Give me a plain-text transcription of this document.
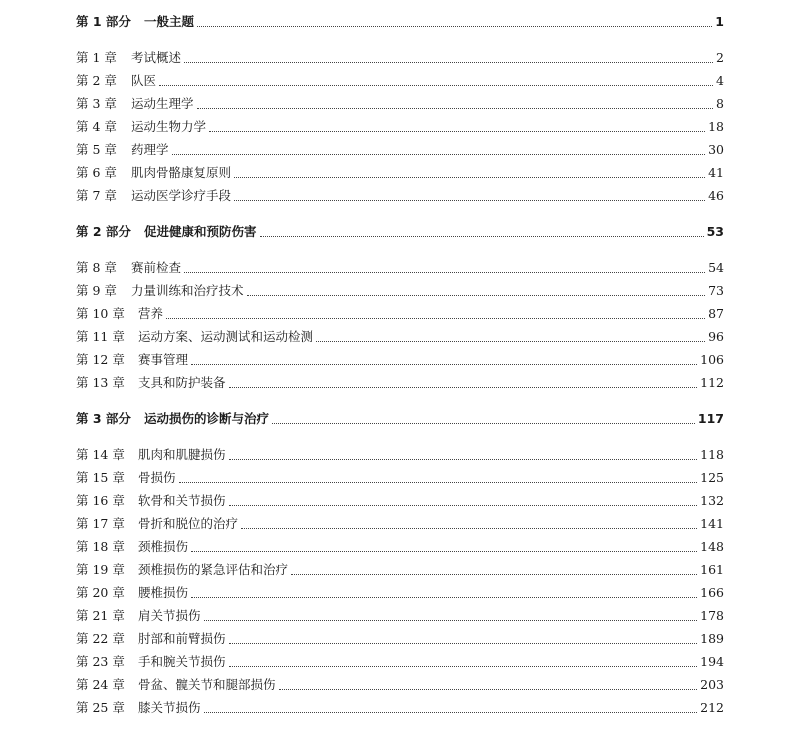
第 1 部分	一般主题	1
第 1 章	考试概述	2
第 2 章	队医	4
第 3 章	运动生理学	8
第 4 章	运动生物力学	18
第 5 章	药理学	30
第 6 章	肌肉骨骼康复原则	41
第 7 章	运动医学诊疗手段	46
第 2 部分	促进健康和预防伤害	53
第 8 章	赛前检查	54
第 9 章	力量训练和治疗技术	73
第 10 章	营养	87
第 11 章	运动方案、运动测试和运动检测	96
第 12 章	赛事管理	106
第 13 章	支具和防护装备	112
第 3 部分	运动损伤的诊断与治疗	117
第 14 章	肌肉和肌腱损伤	118
第 15 章	骨损伤	125
第 16 章	软骨和关节损伤	132
第 17 章	骨折和脱位的治疗	141
第 18 章	颈椎损伤	148
第 19 章	颈椎损伤的紧急评估和治疗	161
第 20 章	腰椎损伤	166
第 21 章	肩关节损伤	178
第 22 章	肘部和前臂损伤	189
第 23 章	手和腕关节损伤	194
第 24 章	骨盆、髋关节和腿部损伤	203
第 25 章	膝关节损伤	212
